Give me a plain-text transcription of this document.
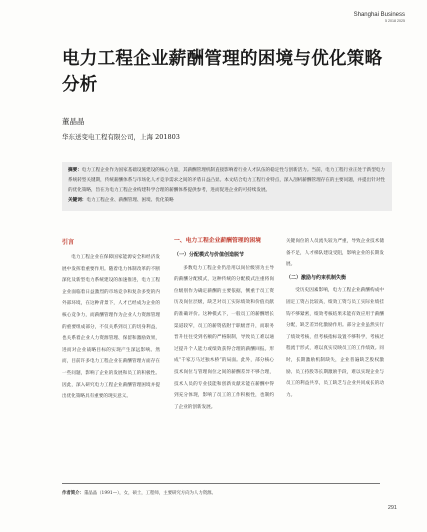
Shanghai Business
5 2018 2025
电力工程企业薪酬管理的困境与优化策略分析
董晶晶
华东送变电工程有限公司，上海 201803
摘要：电力工程企业作为国家基础设施建设的核心力量，其薪酬管理机制直接影响着行业人才队伍的稳定性与创新活力。当前，电力工程行业正处于新型电力系统转型关键期，传统薪酬体系与市场化人才竞争需求之间的矛盾日益凸显。本文结合电力工程行业特点，深入剖析薪酬管理存在的主要问题，并提出针对性的优化策略，旨在为电力工程企业构建科学合理的薪酬体系提供参考，进而促进企业的可持续发展。
关键词：电力工程企业、薪酬管理、困境、优化策略
引言

电力工程企业在保障国家能源安全和经济发展中发挥着重要作用。随着电力体制改革的不断深化及新型电力系统建设的加速推进，电力工程企业面临着日益激烈的市场竞争和复杂多变的内外部环境，在这种背景下，人才已经成为企业的核心竞争力，而薪酬管理作为企业人力资源管理的重要组成部分，不仅关系到员工的切身利益，也关系着企业人力资源管理、保留和激励效果，进而对企业战略目标的实现产生深远影响。然而，目前许多电力工程企业在薪酬管理方面存在一些问题，影响了企业的发展和员工的积极性。因此，深入研究电力工程企业薪酬管理困境并提出优化策略具有重要的现实意义。

一、电力工程企业薪酬管理的困境
（一）分配模式与价值创造脱节

多数电力工程企业仍沿用以岗位级别为主导的薪酬分配模式，这种传统的分配模式注重将岗位级别作为确定薪酬的主要依据，侧重于员工资历及岗位层级，缺乏对员工实际绩效和价值贡献的准确评价。这种模式下，一般员工的薪酬增长渠道较窄，员工的薪资依附于职级晋升，而职务晋升往往受到名额的严格限制，导致员工难以通过提升个人能力或绩效获得合理的薪酬回报。形成“千家万马过独木桥”的局面。此外，部分核心技术岗位与管理岗位之间的薪酬差异不够合理，技术人员的专业技能和创新贡献未能在薪酬中得到充分体现，影响了员工的工作积极性，也制约了企业的创新发展。

关键岗位的人员流失较为严重，导致企业技术储备不足，人才梯队建设受阻，影响企业的长期发展。

（二）激励与约束机制失衡

受历史因素影响，电力工程企业薪酬构成中固定工资占比较高，绩效工资与员工实际业绩挂钩不够紧密，绩效考核结果未能有效应用于薪酬分配，缺乏差异化激励作用。部分企业虽然实行了绩效考核，但考核指标设置不够科学，考核过程流于形式，难以真实反映员工的工作绩效。同时，长期激励机制缺失，企业普遍缺乏股权激励、员工持股等长期激励手段，难以实现企业与员工的利益共享，员工缺乏与企业共同成长的动力。

作者简介：董晶晶（1991—），女，硕士，工程师，主要研究方向为人力资源。
291
